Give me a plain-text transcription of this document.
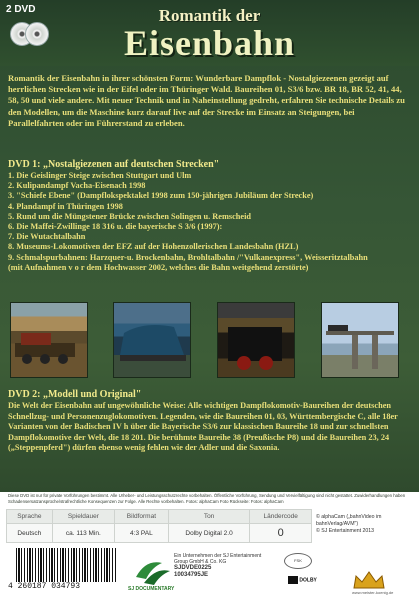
2 DVD	Romantik der
Eisenbahn
Romantik der Eisenbahn in ihrer schönsten Form: Wunderbare Dampflok - Nostalgiezeenen gezeigt auf herrlichen Strecken wie in der Eifel oder im Thüringer Wald. Baureihen 01, S3/6 bzw. BR 18, BR 52, 41, 44, 58, 50 und viele andere. Mit neuer Technik und in Naheinstellung gedreht, erfahren Sie technische Details zu den Modellen, um die Maschine kurz darauf live auf der Strecke im Einsatz an Steigungen, bei Parallelfahrten oder im Führerstand zu erleben.
DVD 1: „Nostalgiezenen auf deutschen Strecken"
1. Die Geislinger Steige zwischen Stuttgart und Ulm
2. Kulipandampf Vacha-Eisenach 1998
3. "Schiefe Ebene" (Dampflokspektakel 1998 zum 150-jährigen Jubiläum der Strecke)
4. Plandampf in Thüringen 1998
5. Rund um die Müngstener Brücke zwischen Solingen u. Remscheid
6. Die Maffei-Zwillinge 18 316 u. die bayerische S 3/6 (1997):
7. Die Wutachtalbahn
8. Museums-Lokomotiven der EFZ auf der Hohenzollerischen Landesbahn (HZL)
9. Schmalspurbahnen: Harzquer-u. Brockenbahn, Brohltalbahn /"Vulkanexpress", Weisseritztalbahn
(mit Aufnahmen v o r dem Hochwasser 2002, welches die Bahn weitgehend zerstörte)
DVD 2: „Modell und Original"
Die Welt der Eisenbahn auf ungewöhnliche Weise: Alle wichtigen Dampflokomotiv-Baureihen der deutschen Schnellzug- und Personenzuglokomotiven. Legenden, wie die Baureihen 01, 03, Württembergische C, alle 18er Varianten von der Badischen IV h über die Bayerische S3/6 zur klassischen Baureihe 18 und zur schnellsten Dampflokomotive der Welt, die 18 201. Die berühmte Baureihe 38 (Preußische P8) und die Baureihen 23, 24 („Steppenpferd") dürfen ebenso wenig fehlen wie der Adler und die Saxonia.
Diese DVD ist nur für private Vorführungen bestimmt. Alle Urheber- und Leistungsschutzrechte vorbehalten. Öffentliche Vorführung, Sendung und Vervielfältigung sind nicht gestattet. Zuwiderhandlungen haben Schadensersatzansprüche/strafrechtliche Konsequenzen zur Folge. Alle Rechte vorbehalten. Fotos: alphaCam Foto Rückseite: Fotos: alphaCam
Sprache	Spieldauer	Bildformat	Ton	Ländercode
Deutsch	ca. 113 Min.	4:3 PAL	Dolby Digital 2.0	0
© alphaCam („bahnVideo im bahnVerlag/AVM")
© SJ Entertainment 2013
4 260187 034793	SJ DOCUMENTARY
Ein Unternehmen der SJ Entertainment Group GmbH & Co. KG
SJDVDE0225
10034795JE
FSK
DOLBY
www.meister-koenig.de
